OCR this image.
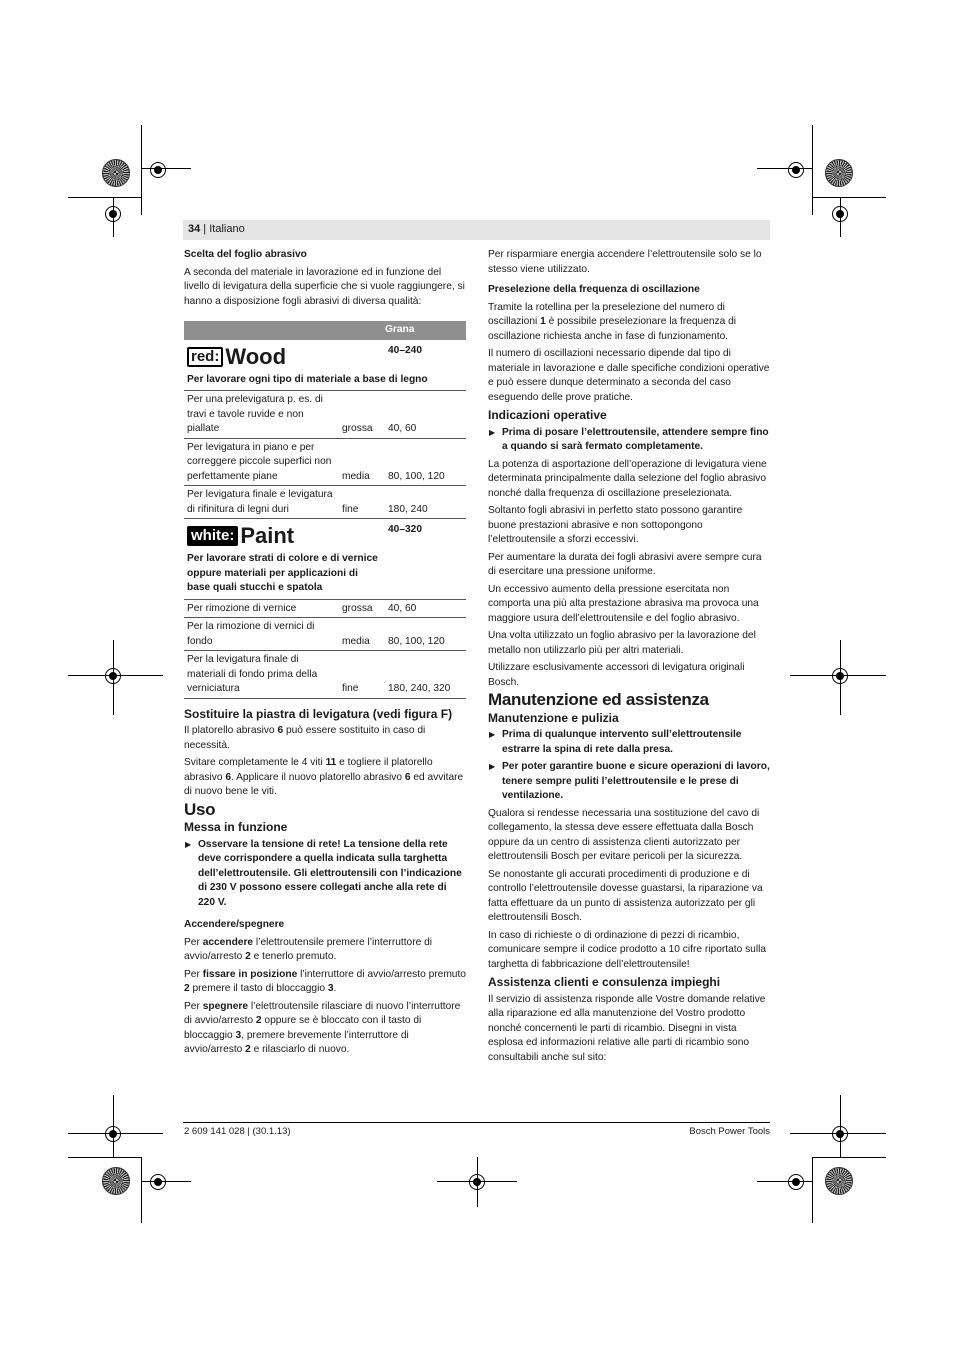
34 | Italiano

Scelta del foglio abrasivo

A seconda del materiale in lavorazione ed in funzione del livello di levigatura della superficie che si vuole raggiungere, si hanno a disposizione fogli abrasivi di diversa qualità:

		Grana
red: Wood		40–240
Per lavorare ogni tipo di materiale a base di legno		
Per una prelevigatura p. es. di travi e tavole ruvide e non piallate	grossa	40, 60
Per levigatura in piano e per correggere piccole superfici non perfettamente piane	media	80, 100, 120
Per levigatura finale e levigatura di rifinitura di legni duri	fine	180, 240
white: Paint		40–320
Per lavorare strati di colore e di vernice oppure materiali per applicazioni di base quali stucchi e spatola		
Per rimozione di vernice	grossa	40, 60
Per la rimozione di vernici di fondo	media	80, 100, 120
Per la levigatura finale di materiali di fondo prima della verniciatura	fine	180, 240, 320

Sostituire la piastra di levigatura (vedi figura F)

Il platorello abrasivo 6 può essere sostituito in caso di necessità.

Svitare completamente le 4 viti 11 e togliere il platorello abrasivo 6. Applicare il nuovo platorello abrasivo 6 ed avvitare di nuovo bene le viti.

Uso

Messa in funzione

▶ Osservare la tensione di rete! La tensione della rete deve corrispondere a quella indicata sulla targhetta dell’elettroutensile. Gli elettroutensili con l’indicazione di 230 V possono essere collegati anche alla rete di 220 V.

Accendere/spegnere

Per accendere l’elettroutensile premere l’interruttore di avvio/arresto 2 e tenerlo premuto.

Per fissare in posizione l’interruttore di avvio/arresto premuto 2 premere il tasto di bloccaggio 3.

Per spegnere l’elettroutensile rilasciare di nuovo l’interruttore di avvio/arresto 2 oppure se è bloccato con il tasto di bloccaggio 3, premere brevemente l’interruttore di avvio/arresto 2 e rilasciarlo di nuovo.

Per risparmiare energia accendere l’elettroutensile solo se lo stesso viene utilizzato.

Preselezione della frequenza di oscillazione

Tramite la rotellina per la preselezione del numero di oscillazioni 1 è possibile preselezionare la frequenza di oscillazione richiesta anche in fase di funzionamento.

Il numero di oscillazioni necessario dipende dal tipo di materiale in lavorazione e dalle specifiche condizioni operative e può essere dunque determinato a seconda del caso eseguendo delle prove pratiche.

Indicazioni operative

▶ Prima di posare l’elettroutensile, attendere sempre fino a quando si sarà fermato completamente.

La potenza di asportazione dell’operazione di levigatura viene determinata principalmente dalla selezione del foglio abrasivo nonché dalla frequenza di oscillazione preselezionata.

Soltanto fogli abrasivi in perfetto stato possono garantire buone prestazioni abrasive e non sottopongono l’elettroutensile a sforzi eccessivi.

Per aumentare la durata dei fogli abrasivi avere sempre cura di esercitare una pressione uniforme.

Un eccessivo aumento della pressione esercitata non comporta una più alta prestazione abrasiva ma provoca una maggiore usura dell’elettroutensile e del foglio abrasivo.

Una volta utilizzato un foglio abrasivo per la lavorazione del metallo non utilizzarlo più per altri materiali.

Utilizzare esclusivamente accessori di levigatura originali Bosch.

Manutenzione ed assistenza

Manutenzione e pulizia

▶ Prima di qualunque intervento sull’elettroutensile estrarre la spina di rete dalla presa.

▶ Per poter garantire buone e sicure operazioni di lavoro, tenere sempre puliti l’elettroutensile e le prese di ventilazione.

Qualora si rendesse necessaria una sostituzione del cavo di collegamento, la stessa deve essere effettuata dalla Bosch oppure da un centro di assistenza clienti autorizzato per elettroutensili Bosch per evitare pericoli per la sicurezza.

Se nonostante gli accurati procedimenti di produzione e di controllo l’elettroutensile dovesse guastarsi, la riparazione va fatta effettuare da un punto di assistenza autorizzato per gli elettroutensili Bosch.

In caso di richieste o di ordinazione di pezzi di ricambio, comunicare sempre il codice prodotto a 10 cifre riportato sulla targhetta di fabbricazione dell’elettroutensile!

Assistenza clienti e consulenza impieghi

Il servizio di assistenza risponde alle Vostre domande relative alla riparazione ed alla manutenzione del Vostro prodotto nonché concernenti le parti di ricambio. Disegni in vista esplosa ed informazioni relative alle parti di ricambio sono consultabili anche sul sito:

2 609 141 028 | (30.1.13)	Bosch Power Tools
